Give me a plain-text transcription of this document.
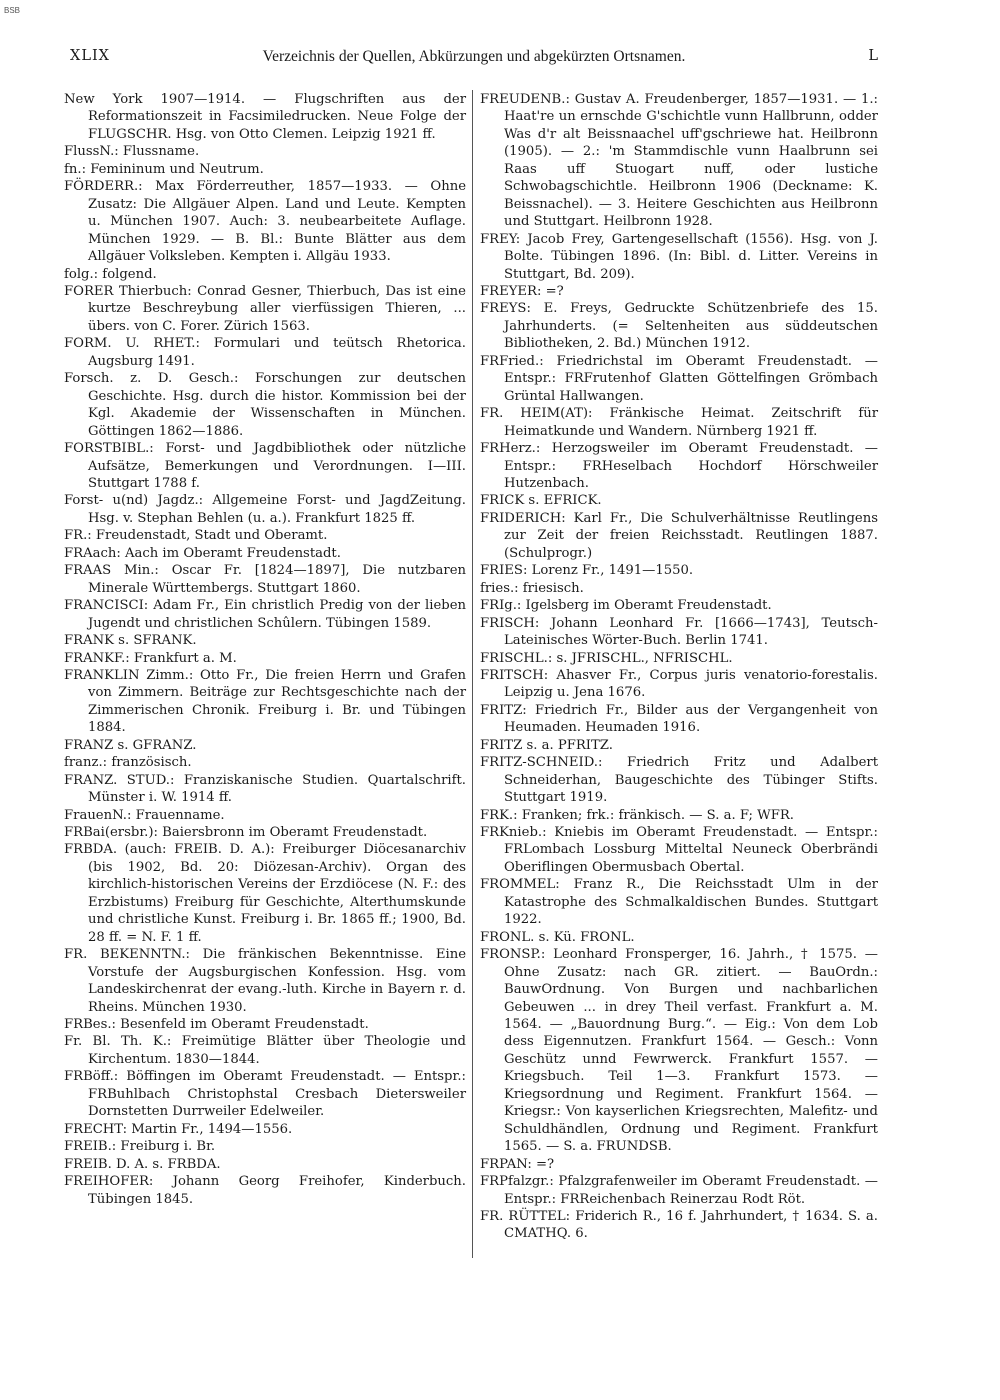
BSB
XLIX	Verzeichnis der Quellen, Abkürzungen und abgekürzten Ortsnamen.	L

New York 1907—1914. — Flugschriften aus der Reformationszeit in Facsimiledrucken. Neue Folge der FLUGSCHR. Hsg. von Otto Clemen. Leipzig 1921 ff.

FlussN.: Flussname.

fn.: Femininum und Neutrum.

FÖRDERR.: Max Förderreuther, 1857—1933. — Ohne Zusatz: Die Allgäuer Alpen. Land und Leute. Kempten u. München 1907. Auch: 3. neubearbeitete Auflage. München 1929. — B. Bl.: Bunte Blätter aus dem Allgäuer Volksleben. Kempten i. Allgäu 1933.

folg.: folgend.

FORER Thierbuch: Conrad Gesner, Thierbuch, Das ist eine kurtze Beschreybung aller vierfüssigen Thieren, ... übers. von C. Forer. Zürich 1563.

FORM. U. RHET.: Formulari und teütsch Rhetorica. Augsburg 1491.

Forsch. z. D. Gesch.: Forschungen zur deutschen Geschichte. Hsg. durch die histor. Kommission bei der Kgl. Akademie der Wissenschaften in München. Göttingen 1862—1886.

FORSTBIBL.: Forst- und Jagdbibliothek oder nützliche Aufsätze, Bemerkungen und Verordnungen. I—III. Stuttgart 1788 f.

Forst- u(nd) Jagdz.: Allgemeine Forst- und JagdZeitung. Hsg. v. Stephan Behlen (u. a.). Frankfurt 1825 ff.

FR.: Freudenstadt, Stadt und Oberamt.

FRAach: Aach im Oberamt Freudenstadt.

FRAAS Min.: Oscar Fr. [1824—1897], Die nutzbaren Minerale Württembergs. Stuttgart 1860.

FRANCISCI: Adam Fr., Ein christlich Predig von der lieben Jugendt und christlichen Schûlern. Tübingen 1589.

FRANK s. SFRANK.

FRANKF.: Frankfurt a. M.

FRANKLIN Zimm.: Otto Fr., Die freien Herrn und Grafen von Zimmern. Beiträge zur Rechtsgeschichte nach der Zimmerischen Chronik. Freiburg i. Br. und Tübingen 1884.

FRANZ s. GFRANZ.

franz.: französisch.

FRANZ. STUD.: Franziskanische Studien. Quartalschrift. Münster i. W. 1914 ff.

FrauenN.: Frauenname.

FRBai(ersbr.): Baiersbronn im Oberamt Freudenstadt.

FRBDA. (auch: FREIB. D. A.): Freiburger Diöcesanarchiv (bis 1902, Bd. 20: Diözesan-Archiv). Organ des kirchlich-historischen Vereins der Erzdiöcese (N. F.: des Erzbistums) Freiburg für Geschichte, Alterthumskunde und christliche Kunst. Freiburg i. Br. 1865 ff.; 1900, Bd. 28 ff. = N. F. 1 ff.

FR. BEKENNTN.: Die fränkischen Bekenntnisse. Eine Vorstufe der Augsburgischen Konfession. Hsg. vom Landeskirchenrat der evang.-luth. Kirche in Bayern r. d. Rheins. München 1930.

FRBes.: Besenfeld im Oberamt Freudenstadt.

Fr. Bl. Th. K.: Freimütige Blätter über Theologie und Kirchentum. 1830—1844.

FRBöff.: Böffingen im Oberamt Freudenstadt. — Entspr.: FRBuhlbach Christophstal Cresbach Dietersweiler Dornstetten Durrweiler Edelweiler.

FRECHT: Martin Fr., 1494—1556.

FREIB.: Freiburg i. Br.

FREIB. D. A. s. FRBDA.

FREIHOFER: Johann Georg Freihofer, Kinderbuch. Tübingen 1845.

FREUDENB.: Gustav A. Freudenberger, 1857—1931. — 1.: Haat're un ernschde G'schichtle vunn Hallbrunn, odder Was d'r alt Beissnaachel uff'gschriewe hat. Heilbronn (1905). — 2.: 'm Stammdischle vunn Haalbrunn sei Raas uff Stuogart nuff, oder lustiche Schwobagschichtle. Heilbronn 1906 (Deckname: K. Beissnachel). — 3. Heitere Geschichten aus Heilbronn und Stuttgart. Heilbronn 1928.

FREY: Jacob Frey, Gartengesellschaft (1556). Hsg. von J. Bolte. Tübingen 1896. (In: Bibl. d. Litter. Vereins in Stuttgart, Bd. 209).

FREYER: =?

FREYS: E. Freys, Gedruckte Schützenbriefe des 15. Jahrhunderts. (= Seltenheiten aus süddeutschen Bibliotheken, 2. Bd.) München 1912.

FRFried.: Friedrichstal im Oberamt Freudenstadt. — Entspr.: FRFrutenhof Glatten Göttelfingen Grömbach Grüntal Hallwangen.

FR. HEIM(AT): Fränkische Heimat. Zeitschrift für Heimatkunde und Wandern. Nürnberg 1921 ff.

FRHerz.: Herzogsweiler im Oberamt Freudenstadt. — Entspr.: FRHeselbach Hochdorf Hörschweiler Hutzenbach.

FRICK s. EFRICK.

FRIDERICH: Karl Fr., Die Schulverhältnisse Reutlingens zur Zeit der freien Reichsstadt. Reutlingen 1887. (Schulprogr.)

FRIES: Lorenz Fr., 1491—1550.

fries.: friesisch.

FRIg.: Igelsberg im Oberamt Freudenstadt.

FRISCH: Johann Leonhard Fr. [1666—1743], Teutsch-Lateinisches Wörter-Buch. Berlin 1741.

FRISCHL.: s. JFRISCHL., NFRISCHL.

FRITSCH: Ahasver Fr., Corpus juris venatorio-forestalis. Leipzig u. Jena 1676.

FRITZ: Friedrich Fr., Bilder aus der Vergangenheit von Heumaden. Heumaden 1916.

FRITZ s. a. PFRITZ.

FRITZ-SCHNEID.: Friedrich Fritz und Adalbert Schneiderhan, Baugeschichte des Tübinger Stifts. Stuttgart 1919.

FRK.: Franken; frk.: fränkisch. — S. a. F; WFR.

FRKnieb.: Kniebis im Oberamt Freudenstadt. — Entspr.: FRLombach Lossburg Mitteltal Neuneck Oberbrändi Oberiflingen Obermusbach Obertal.

FROMMEL: Franz R., Die Reichsstadt Ulm in der Katastrophe des Schmalkaldischen Bundes. Stuttgart 1922.

FRONL. s. Kü. FRONL.

FRONSP.: Leonhard Fronsperger, 16. Jahrh., † 1575. — Ohne Zusatz: nach GR. zitiert. — BauOrdn.: BauwOrdnung. Von Burgen und nachbarlichen Gebeuwen ... in drey Theil verfast. Frankfurt a. M. 1564. — „Bauordnung Burg.“. — Eig.: Von dem Lob dess Eigennutzen. Frankfurt 1564. — Gesch.: Vonn Geschütz unnd Fewrwerck. Frankfurt 1557. — Kriegsbuch. Teil 1—3. Frankfurt 1573. — Kriegsordnung und Regiment. Frankfurt 1564. — Kriegsr.: Von kayserlichen Kriegsrechten, Malefitz- und Schuldhändlen, Ordnung und Regiment. Frankfurt 1565. — S. a. FRUNDSB.

FRPAN: =?

FRPfalzgr.: Pfalzgrafenweiler im Oberamt Freudenstadt. — Entspr.: FRReichenbach Reinerzau Rodt Röt.

FR. RÜTTEL: Friderich R., 16 f. Jahrhundert, † 1634. S. a. CMATHQ. 6.
